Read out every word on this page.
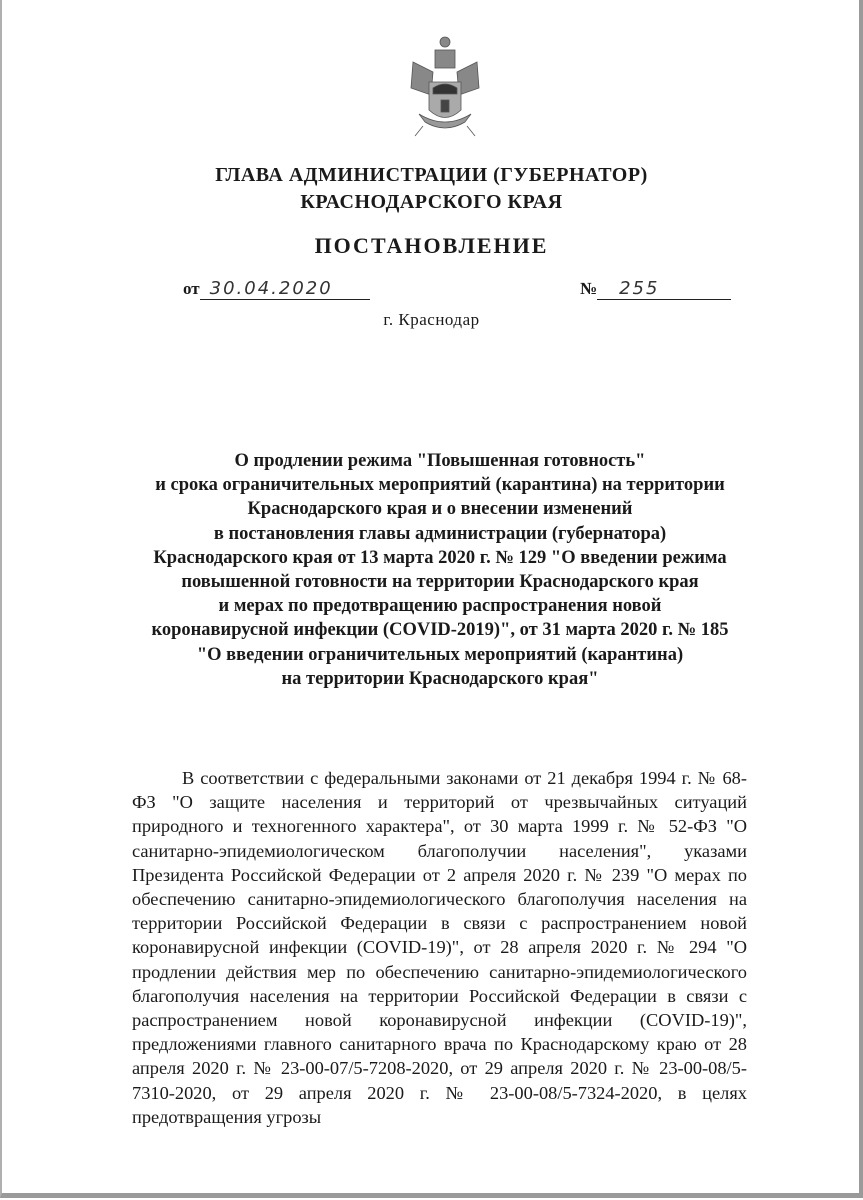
ГЛАВА АДМИНИСТРАЦИИ (ГУБЕРНАТОР)
КРАСНОДАРСКОГО КРАЯ
ПОСТАНОВЛЕНИЕ
от 30.04.2020	№ 255
г. Краснодар
О продлении режима "Повышенная готовность"
и срока ограничительных мероприятий (карантина) на территории
Краснодарского края и о внесении изменений
в постановления главы администрации (губернатора)
Краснодарского края от 13 марта 2020 г. № 129 "О введении режима
повышенной готовности на территории Краснодарского края
и мерах по предотвращению распространения новой
коронавирусной инфекции (COVID-2019)", от 31 марта 2020 г. № 185
"О введении ограничительных мероприятий (карантина)
на территории Краснодарского края"

В соответствии с федеральными законами от 21 декабря 1994 г. № 68-ФЗ "О защите населения и территорий от чрезвычайных ситуаций природного и техногенного характера", от 30 марта 1999 г. № 52-ФЗ "О санитарно-эпидемиологическом благополучии населения", указами Президента Российской Федерации от 2 апреля 2020 г. № 239 "О мерах по обеспечению санитарно-эпидемиологического благополучия населения на территории Российской Федерации в связи с распространением новой коронавирусной инфекции (COVID-19)", от 28 апреля 2020 г. № 294 "О продлении действия мер по обеспечению санитарно-эпидемиологического благополучия населения на территории Российской Федерации в связи с распространением новой коронавирусной инфекции (COVID-19)", предложениями главного санитарного врача по Краснодарскому краю от 28 апреля 2020 г. № 23-00-07/5-7208-2020, от 29 апреля 2020 г. № 23-00-08/5-7310-2020, от 29 апреля 2020 г. № 23-00-08/5-7324-2020, в целях предотвращения угрозы
